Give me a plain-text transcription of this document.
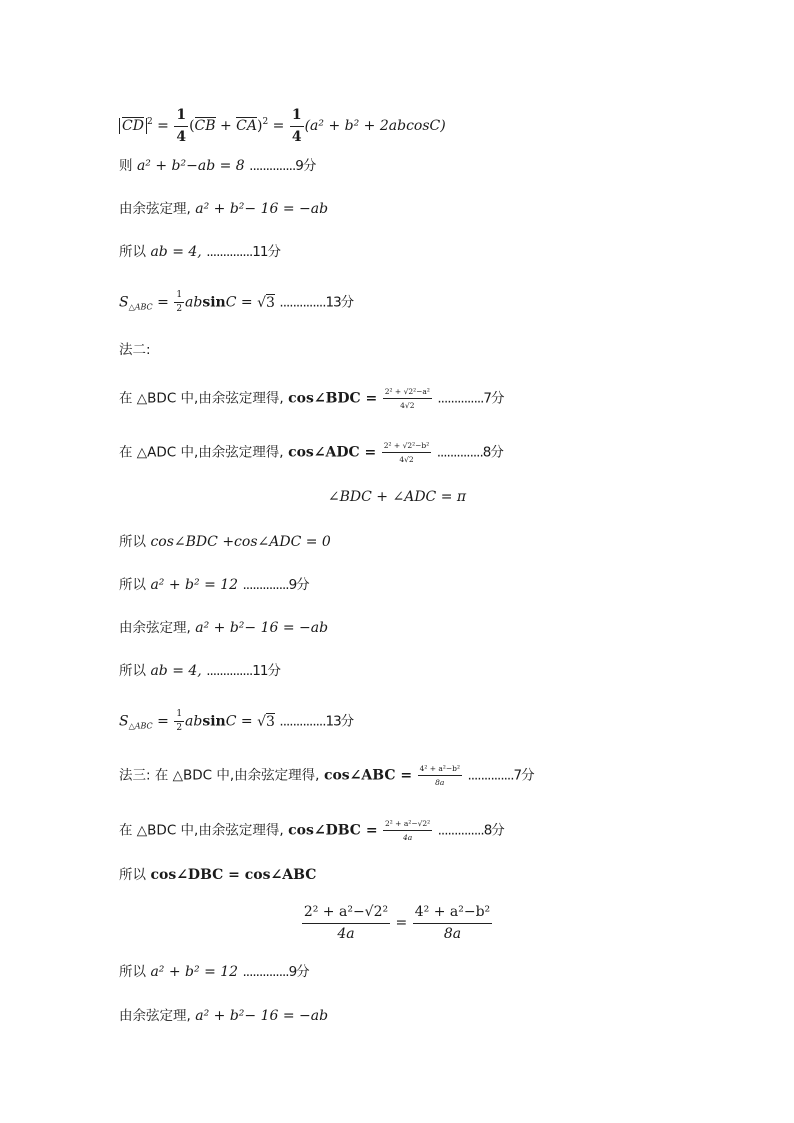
CD $^2 = \frac{1}{4} (CB + CA)^2 = \frac{1}{4} (a^2 + b^2 + 2abcosC)$
则 a² + b²−ab = 8 ..............9分
由余弦定理, a² + b²− 16 = −ab
所以 ab = 4, ..............11分
$S_{\triangle ABC} = \frac{1}{2}$ absinC = √ 3 ..............13分
法二:
在 △BDC 中,由余弦定理得, cos∠BDC = $\frac{\text{2² + √2²−a²}}{4√2} ..............7$分
在 △ADC 中,由余弦定理得, cos∠ADC = $\frac{\text{2² + √2²−b²}}{4√2} ..............8$分
∠BDC + ∠ADC = π
所以 cos∠BDC +cos∠ADC = 0
所以 a² + b² = 12 ..............9分
由余弦定理, a² + b²− 16 = −ab
所以 ab = 4, ..............11分
$S_{\triangle ABC} = \frac{1}{2}$ absinC = √ 3 ..............13分
法三: 在 △BDC 中,由余弦定理得, cos∠ABC = $\frac{\text{4² + a²−b²}}{8a} ..............7$分
在 △BDC 中,由余弦定理得, cos∠DBC = $\frac{\text{2² + a²−√2²}}{4a} ..............8$分
所以 cos∠DBC = cos∠ABC
$\frac{\text{2² + a²−√2²}}{4a} = \frac{\text{4² + a²−b²}}{8a}$
所以 a² + b² = 12 ..............9分
由余弦定理, a² + b²− 16 = −ab
